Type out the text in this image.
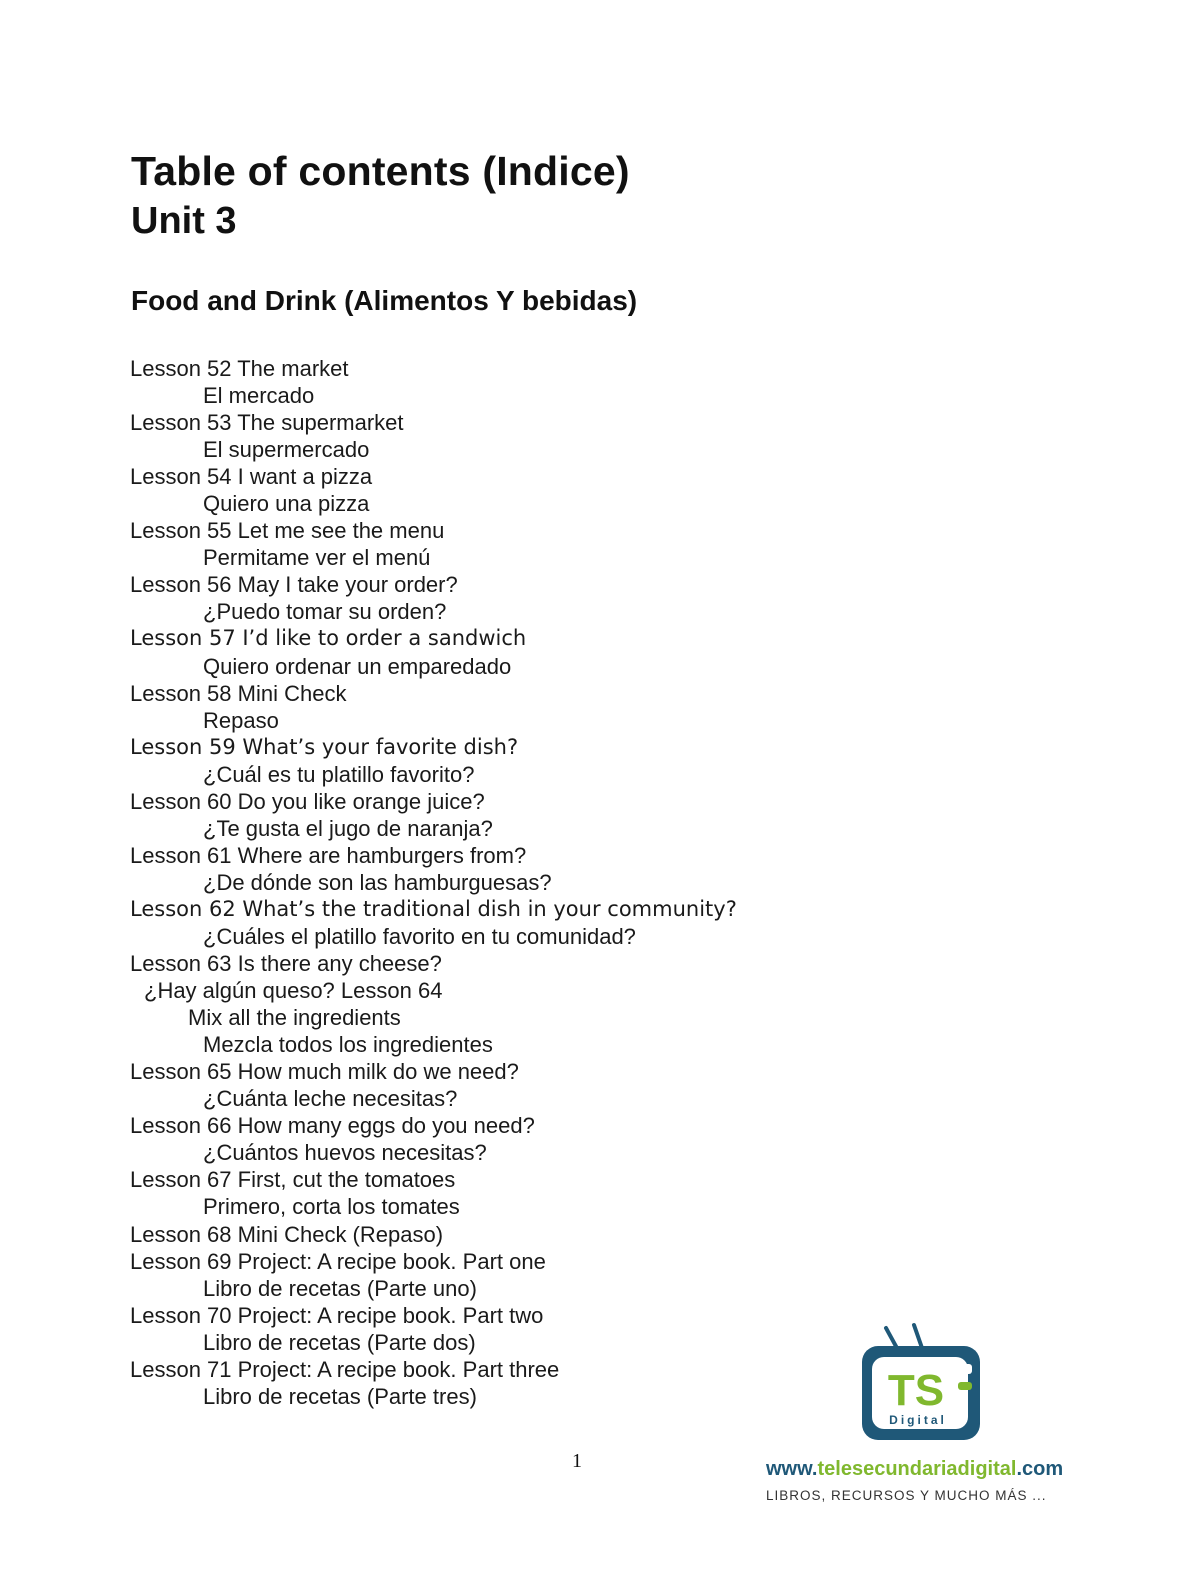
Table of contents (Indice)
Unit 3
Food and Drink (Alimentos Y bebidas)
Lesson 52 The market
El mercado
Lesson 53 The supermarket
El supermercado
Lesson 54 I want a pizza
Quiero una pizza
Lesson 55 Let me see the menu
Permitame ver el menú
Lesson 56 May I take your order?
¿Puedo tomar su orden?
Lesson 57 I’d like to order a sandwich
Quiero ordenar un emparedado
Lesson 58 Mini Check
Repaso
Lesson 59 What’s your favorite dish?
¿Cuál es tu platillo favorito?
Lesson 60 Do you like orange juice?
¿Te gusta el jugo de naranja?
Lesson 61 Where are hamburgers from?
¿De dónde son las hamburguesas?
Lesson 62 What’s the traditional dish in your community?
¿Cuáles el platillo favorito en tu comunidad?
Lesson 63 Is there any cheese?
¿Hay algún queso? Lesson 64
Mix all the ingredients
Mezcla todos los ingredientes
Lesson 65 How much milk do we need?
¿Cuánta leche necesitas?
Lesson 66 How many eggs do you need?
¿Cuántos huevos necesitas?
Lesson 67 First, cut the tomatoes
Primero, corta los tomates
Lesson 68 Mini Check (Repaso)
Lesson 69 Project: A recipe book. Part one
Libro de recetas (Parte uno)
Lesson 70 Project: A recipe book. Part two
Libro de recetas (Parte dos)
Lesson 71 Project: A recipe book. Part three
Libro de recetas (Parte tres)
1
TS
Digital
www.telesecundariadigital.com
LIBROS, RECURSOS Y MUCHO MÁS ...
